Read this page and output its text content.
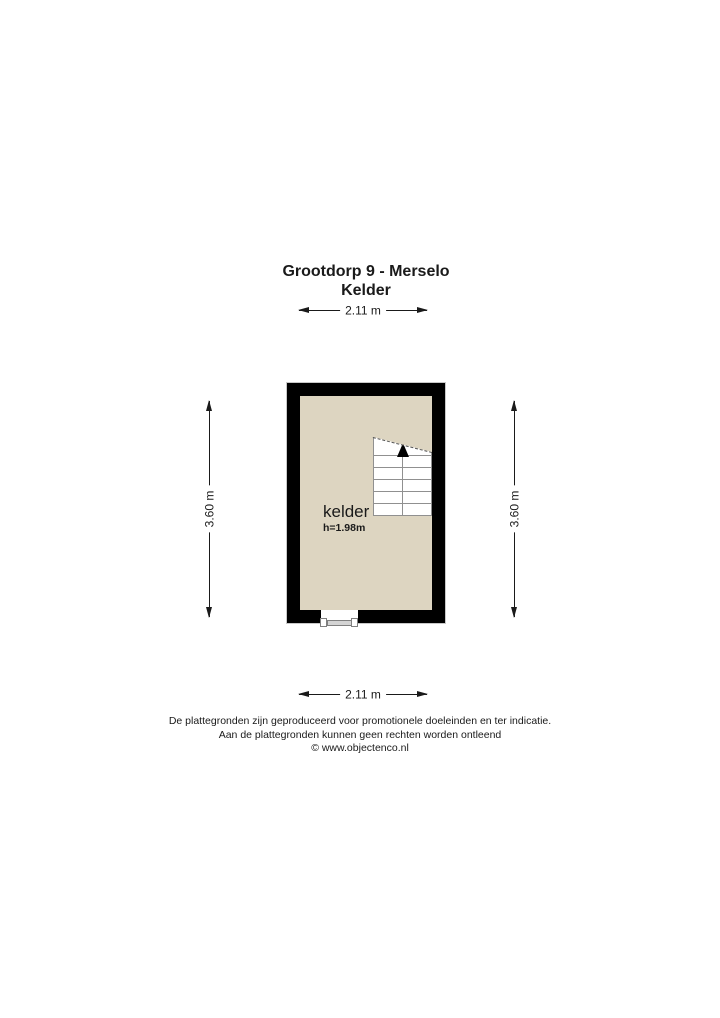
Grootdorp 9 - Merselo
Kelder
2.11 m
3.60 m	3.60 m
kelder
h=1.98m
2.11 m
De plattegronden zijn geproduceerd voor promotionele doeleinden en ter indicatie.
Aan de plattegronden kunnen geen rechten worden ontleend
© www.objectenco.nl
